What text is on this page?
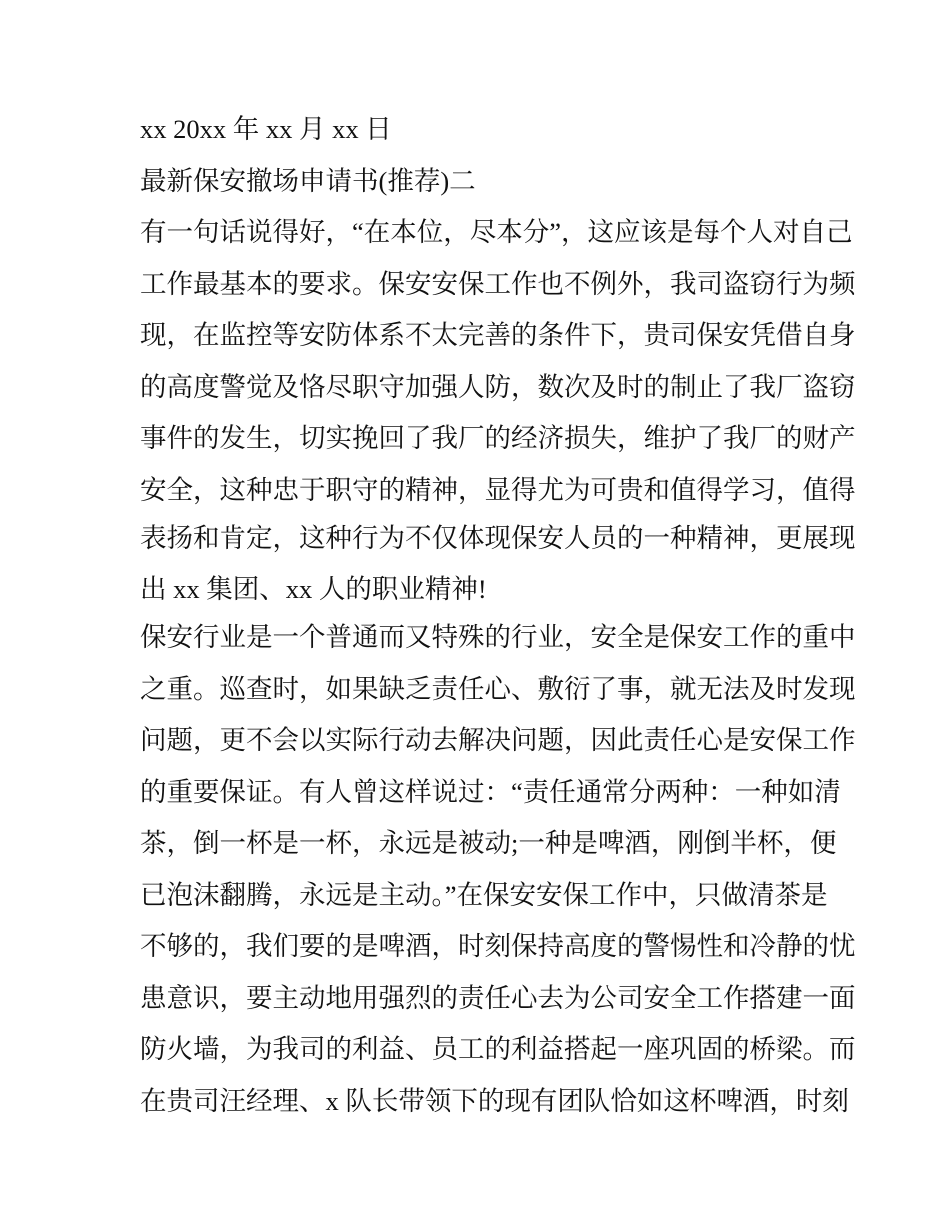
xx 20xx 年 xx 月 xx 日
最新保安撤场申请书(推荐)二
有一句话说得好，“在本位，尽本分”，这应该是每个人对自己
工作最基本的要求。保安安保工作也不例外，我司盗窃行为频
现，在监控等安防体系不太完善的条件下，贵司保安凭借自身
的高度警觉及恪尽职守加强人防，数次及时的制止了我厂盗窃
事件的发生，切实挽回了我厂的经济损失，维护了我厂的财产
安全，这种忠于职守的精神，显得尤为可贵和值得学习，值得
表扬和肯定，这种行为不仅体现保安人员的一种精神，更展现
出 xx 集团、xx 人的职业精神!
保安行业是一个普通而又特殊的行业，安全是保安工作的重中
之重。巡查时，如果缺乏责任心、敷衍了事，就无法及时发现
问题，更不会以实际行动去解决问题，因此责任心是安保工作
的重要保证。有人曾这样说过：“责任通常分两种：一种如清
茶，倒一杯是一杯，永远是被动;一种是啤酒，刚倒半杯，便
已泡沫翻腾，永远是主动。”在保安安保工作中，只做清茶是
不够的，我们要的是啤酒，时刻保持高度的警惕性和冷静的忧
患意识，要主动地用强烈的责任心去为公司安全工作搭建一面
防火墙，为我司的利益、员工的利益搭起一座巩固的桥梁。而
在贵司汪经理、x 队长带领下的现有团队恰如这杯啤酒，时刻
